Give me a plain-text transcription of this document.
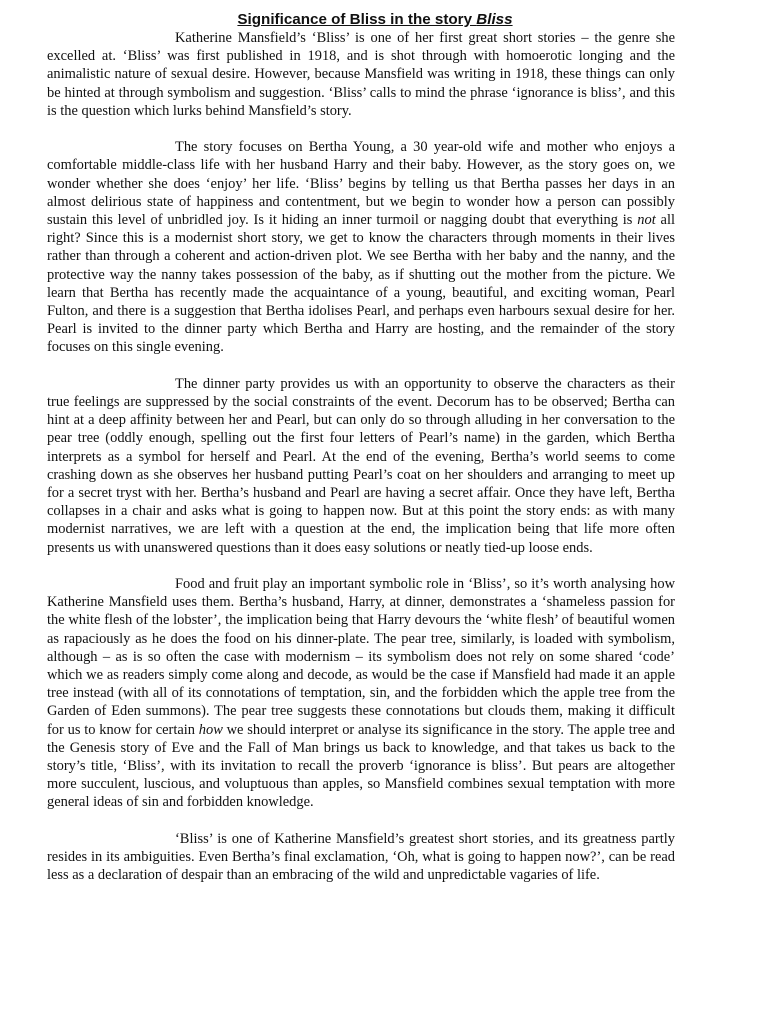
Significance of Bliss in the story Bliss

Katherine Mansfield’s ‘Bliss’ is one of her first great short stories – the genre she excelled at. ‘Bliss’ was first published in 1918, and is shot through with homoerotic longing and the animalistic nature of sexual desire. However, because Mansfield was writing in 1918, these things can only be hinted at through symbolism and suggestion. ‘Bliss’ calls to mind the phrase ‘ignorance is bliss’, and this is the question which lurks behind Mansfield’s story.

The story focuses on Bertha Young, a 30 year-old wife and mother who enjoys a comfortable middle-class life with her husband Harry and their baby. However, as the story goes on, we wonder whether she does ‘enjoy’ her life. ‘Bliss’ begins by telling us that Bertha passes her days in an almost delirious state of happiness and contentment, but we begin to wonder how a person can possibly sustain this level of unbridled joy. Is it hiding an inner turmoil or nagging doubt that everything is not all right? Since this is a modernist short story, we get to know the characters through moments in their lives rather than through a coherent and action-driven plot. We see Bertha with her baby and the nanny, and the protective way the nanny takes possession of the baby, as if shutting out the mother from the picture. We learn that Bertha has recently made the acquaintance of a young, beautiful, and exciting woman, Pearl Fulton, and there is a suggestion that Bertha idolises Pearl, and perhaps even harbours sexual desire for her. Pearl is invited to the dinner party which Bertha and Harry are hosting, and the remainder of the story focuses on this single evening.

The dinner party provides us with an opportunity to observe the characters as their true feelings are suppressed by the social constraints of the event. Decorum has to be observed; Bertha can hint at a deep affinity between her and Pearl, but can only do so through alluding in her conversation to the pear tree (oddly enough, spelling out the first four letters of Pearl’s name) in the garden, which Bertha interprets as a symbol for herself and Pearl. At the end of the evening, Bertha’s world seems to come crashing down as she observes her husband putting Pearl’s coat on her shoulders and arranging to meet up for a secret tryst with her. Bertha’s husband and Pearl are having a secret affair. Once they have left, Bertha collapses in a chair and asks what is going to happen now. But at this point the story ends: as with many modernist narratives, we are left with a question at the end, the implication being that life more often presents us with unanswered questions than it does easy solutions or neatly tied-up loose ends.

Food and fruit play an important symbolic role in ‘Bliss’, so it’s worth analysing how Katherine Mansfield uses them. Bertha’s husband, Harry, at dinner, demonstrates a ‘shameless passion for the white flesh of the lobster’, the implication being that Harry devours the ‘white flesh’ of beautiful women as rapaciously as he does the food on his dinner-plate. The pear tree, similarly, is loaded with symbolism, although – as is so often the case with modernism – its symbolism does not rely on some shared ‘code’ which we as readers simply come along and decode, as would be the case if Mansfield had made it an apple tree instead (with all of its connotations of temptation, sin, and the forbidden which the apple tree from the Garden of Eden summons). The pear tree suggests these connotations but clouds them, making it difficult for us to know for certain how we should interpret or analyse its significance in the story. The apple tree and the Genesis story of Eve and the Fall of Man brings us back to knowledge, and that takes us back to the story’s title, ‘Bliss’, with its invitation to recall the proverb ‘ignorance is bliss’. But pears are altogether more succulent, luscious, and voluptuous than apples, so Mansfield combines sexual temptation with more general ideas of sin and forbidden knowledge.

‘Bliss’ is one of Katherine Mansfield’s greatest short stories, and its greatness partly resides in its ambiguities. Even Bertha’s final exclamation, ‘Oh, what is going to happen now?’, can be read less as a declaration of despair than an embracing of the wild and unpredictable vagaries of life.
